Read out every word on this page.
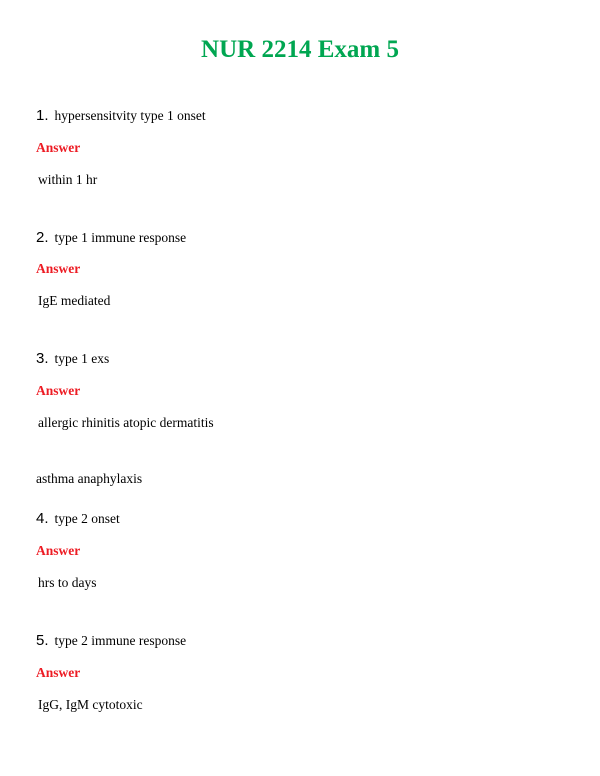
NUR 2214 Exam 5
1. hypersensitvity type 1 onset
Answer
within 1 hr
2. type 1 immune response
Answer
IgE mediated
3. type 1 exs
Answer
allergic rhinitis atopic dermatitis
asthma anaphylaxis
4. type 2 onset
Answer
hrs to days
5. type 2 immune response
Answer
IgG, IgM cytotoxic
